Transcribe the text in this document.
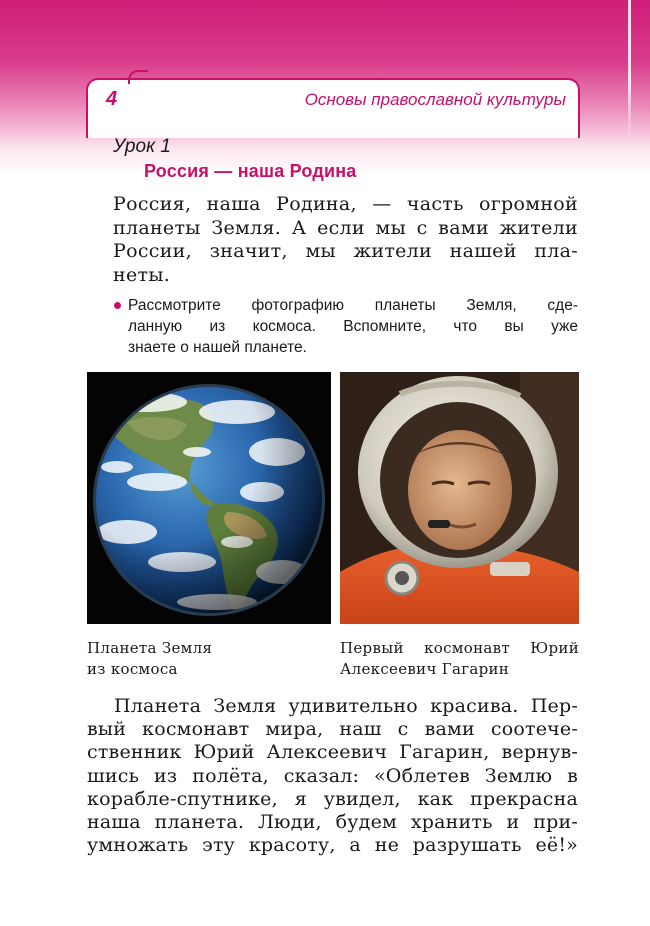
4	Основы православной культуры
Урок 1
Россия — наша Родина
Россия, наша Родина, — часть огромной
планеты Земля. А если мы с вами жители
России, значит, мы жители нашей пла-
неты.
Рассмотрите фотографию планеты Земля, сде-
ланную из космоса. Вспомните, что вы уже
знаете о нашей планете.
Планета Земля
из космоса
Первый космонавт Юрий
Алексеевич Гагарин
Планета Земля удивительно красива. Пер-
вый космонавт мира, наш с вами соотече-
ственник Юрий Алексеевич Гагарин, вернув-
шись из полёта, сказал: «Облетев Землю в
корабле-спутнике, я увидел, как прекрасна
наша планета. Люди, будем хранить и при-
умножать эту красоту, а не разрушать её!»
